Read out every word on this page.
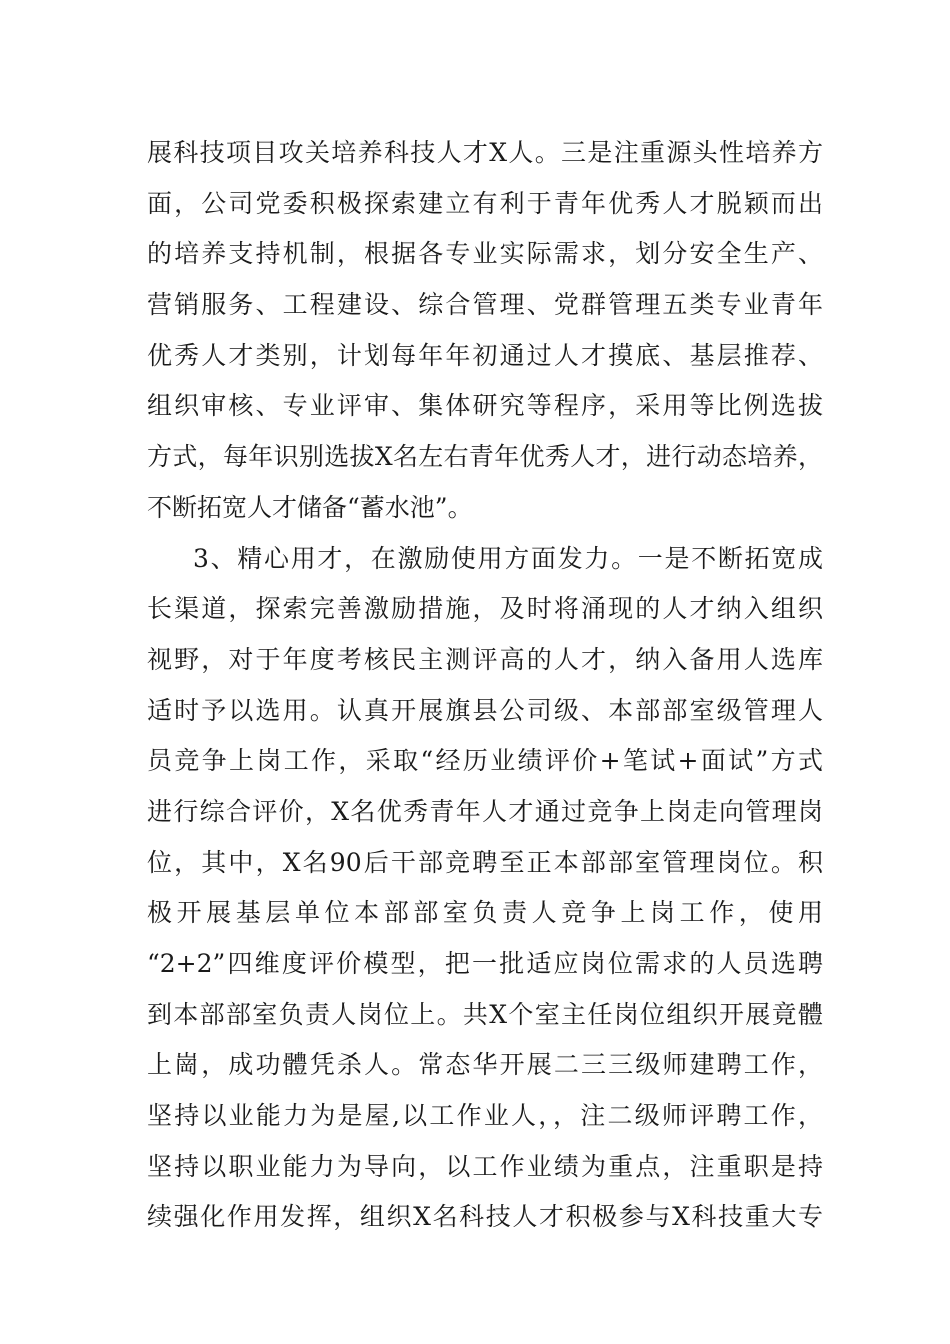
展科技项目攻关培养科技人才X人。三是注重源头性培养方
面，公司党委积极探索建立有利于青年优秀人才脱颖而出
的培养支持机制，根据各专业实际需求，划分安全生产、
营销服务、工程建设、综合管理、党群管理五类专业青年
优秀人才类别，计划每年年初通过人才摸底、基层推荐、
组织审核、专业评审、集体研究等程序，采用等比例选拔
方式，每年识别选拔X名左右青年优秀人才，进行动态培养，
不断拓宽人才储备“蓄水池”。
3、精心用才，在激励使用方面发力。一是不断拓宽成
长渠道，探索完善激励措施，及时将涌现的人才纳入组织
视野，对于年度考核民主测评高的人才，纳入备用人选库
适时予以选用。认真开展旗县公司级、本部部室级管理人
员竞争上岗工作，采取“经历业绩评价+笔试+面试”方式
进行综合评价，X名优秀青年人才通过竞争上岗走向管理岗
位，其中，X名90后干部竞聘至正本部部室管理岗位。积
极开展基层单位本部部室负责人竞争上岗工作，使用
“2+2”四维度评价模型，把一批适应岗位需求的人员选聘
到本部部室负责人岗位上。共X个室主任岗位组织开展竟體
上崗，成功體凭杀人。常态华开展二三三级师建聘工作，
坚持以业能力为是屋,以工作业人，，注二级师评聘工作，
坚持以职业能力为导向，以工作业绩为重点，注重职是持
续强化作用发挥，组织X名科技人才积极参与X科技重大专
